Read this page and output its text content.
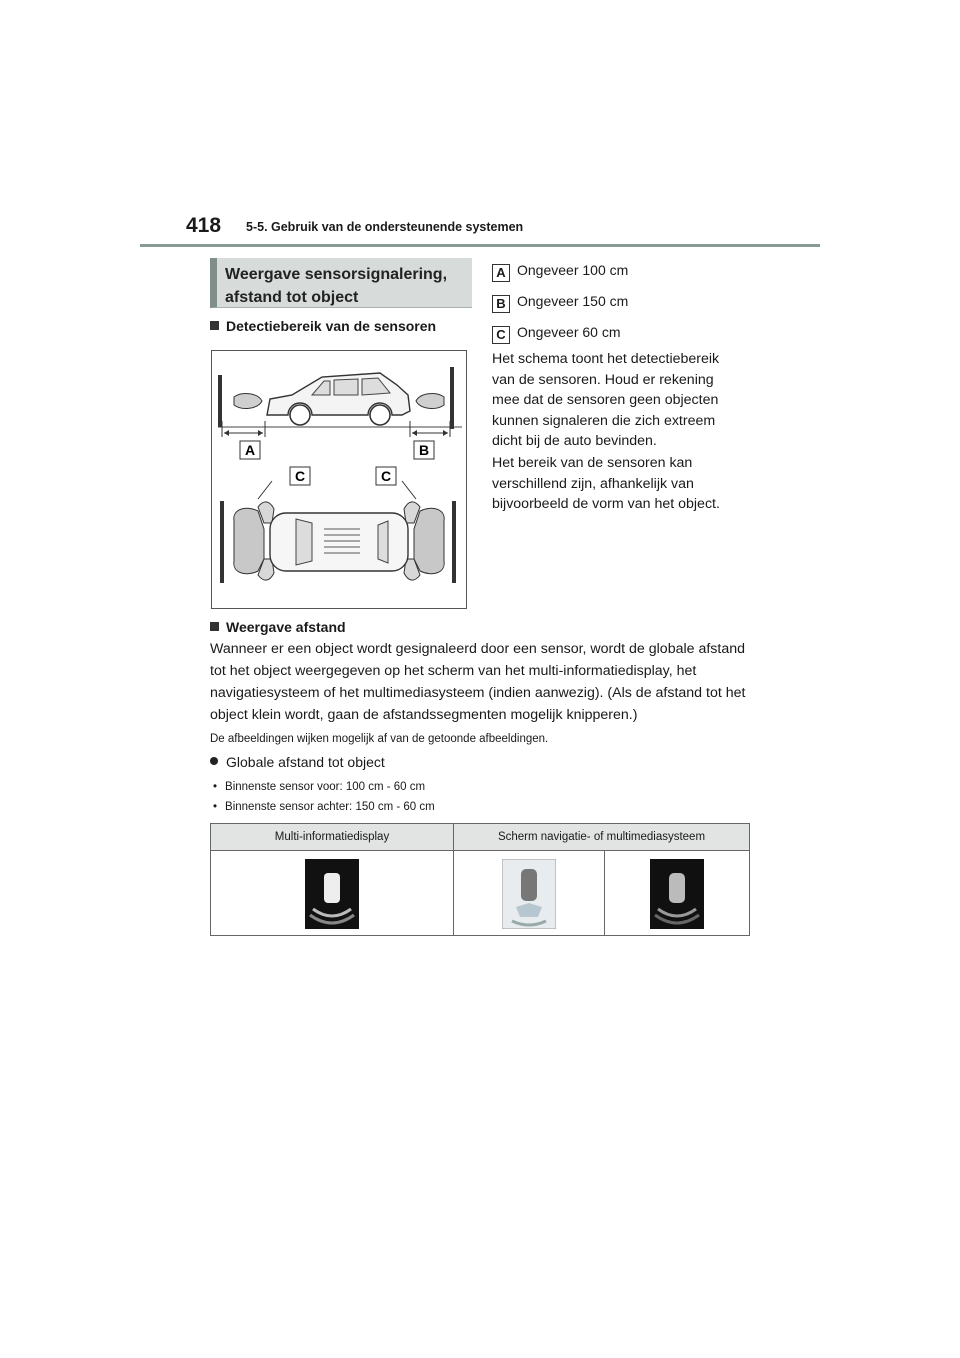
418 5-5. Gebruik van de ondersteunende systemen
Weergave sensorsignalering,
afstand tot object
Detectiebereik van de sensoren
A	B
C	C
A Ongeveer 100 cm
B Ongeveer 150 cm
C Ongeveer 60 cm
Het schema toont het detectiebereik van de sensoren. Houd er rekening mee dat de sensoren geen objecten kunnen signaleren die zich extreem dicht bij de auto bevinden.
Het bereik van de sensoren kan verschillend zijn, afhankelijk van bijvoorbeeld de vorm van het object.
Weergave afstand
Wanneer er een object wordt gesignaleerd door een sensor, wordt de globale afstand tot het object weergegeven op het scherm van het multi-informatiedisplay, het navigatiesysteem of het multimediasysteem (indien aanwezig). (Als de afstand tot het object klein wordt, gaan de afstandssegmenten mogelijk knipperen.)
De afbeeldingen wijken mogelijk af van de getoonde afbeeldingen.
Globale afstand tot object
• Binnenste sensor voor: 100 cm - 60 cm
• Binnenste sensor achter: 150 cm - 60 cm
Multi-informatiedisplay	Scherm navigatie- of multimediasysteem	
